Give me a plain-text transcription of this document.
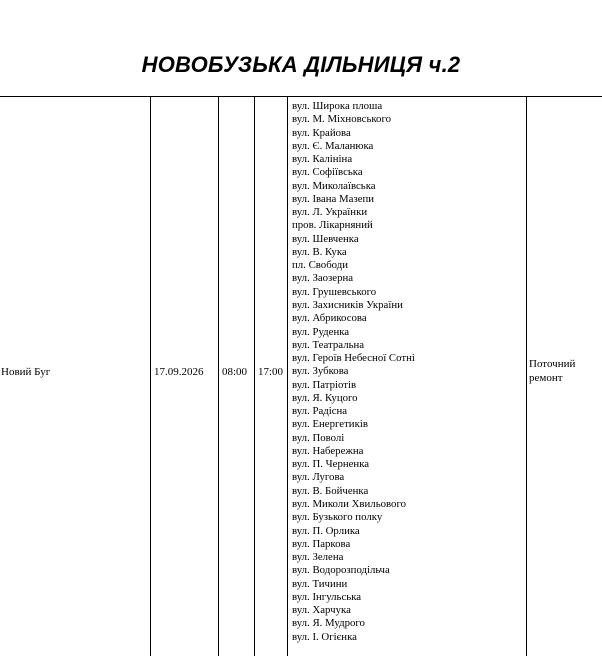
НОВОБУЗЬКА ДІЛЬНИЦЯ ч.2
Новий Буг	17.09.2026 08:00 17:00
вул. Широка плоша
вул. М. Міхновського
вул. Крайова
вул. Є. Маланюка
вул. Калініна
вул. Софіївська
вул. Миколаївська
вул. Івана Мазепи
вул. Л. Українки
пров. Лікарняний
вул. Шевченка
вул. В. Кука
пл. Свободи
вул. Заозерна
вул. Грушевського
вул. Захисників України
вул. Абрикосова
вул. Руденка
вул. Театральна
вул. Героїв Небесної Сотні
вул. Зубкова
вул. Патріотів
вул. Я. Куцого
вул. Радісна
вул. Енергетиків
вул. Поволі
вул. Набережна
вул. П. Черненка
вул. Лугова
вул. В. Бойченка
вул. Миколи Хвильового
вул. Бузького полку
вул. П. Орлика
вул. Паркова
вул. Зелена
вул. Водорозподільча
вул. Тичини
вул. Інгульська
вул. Харчука
вул. Я. Мудрого
вул. І. Огієнка
Поточний
ремонт
